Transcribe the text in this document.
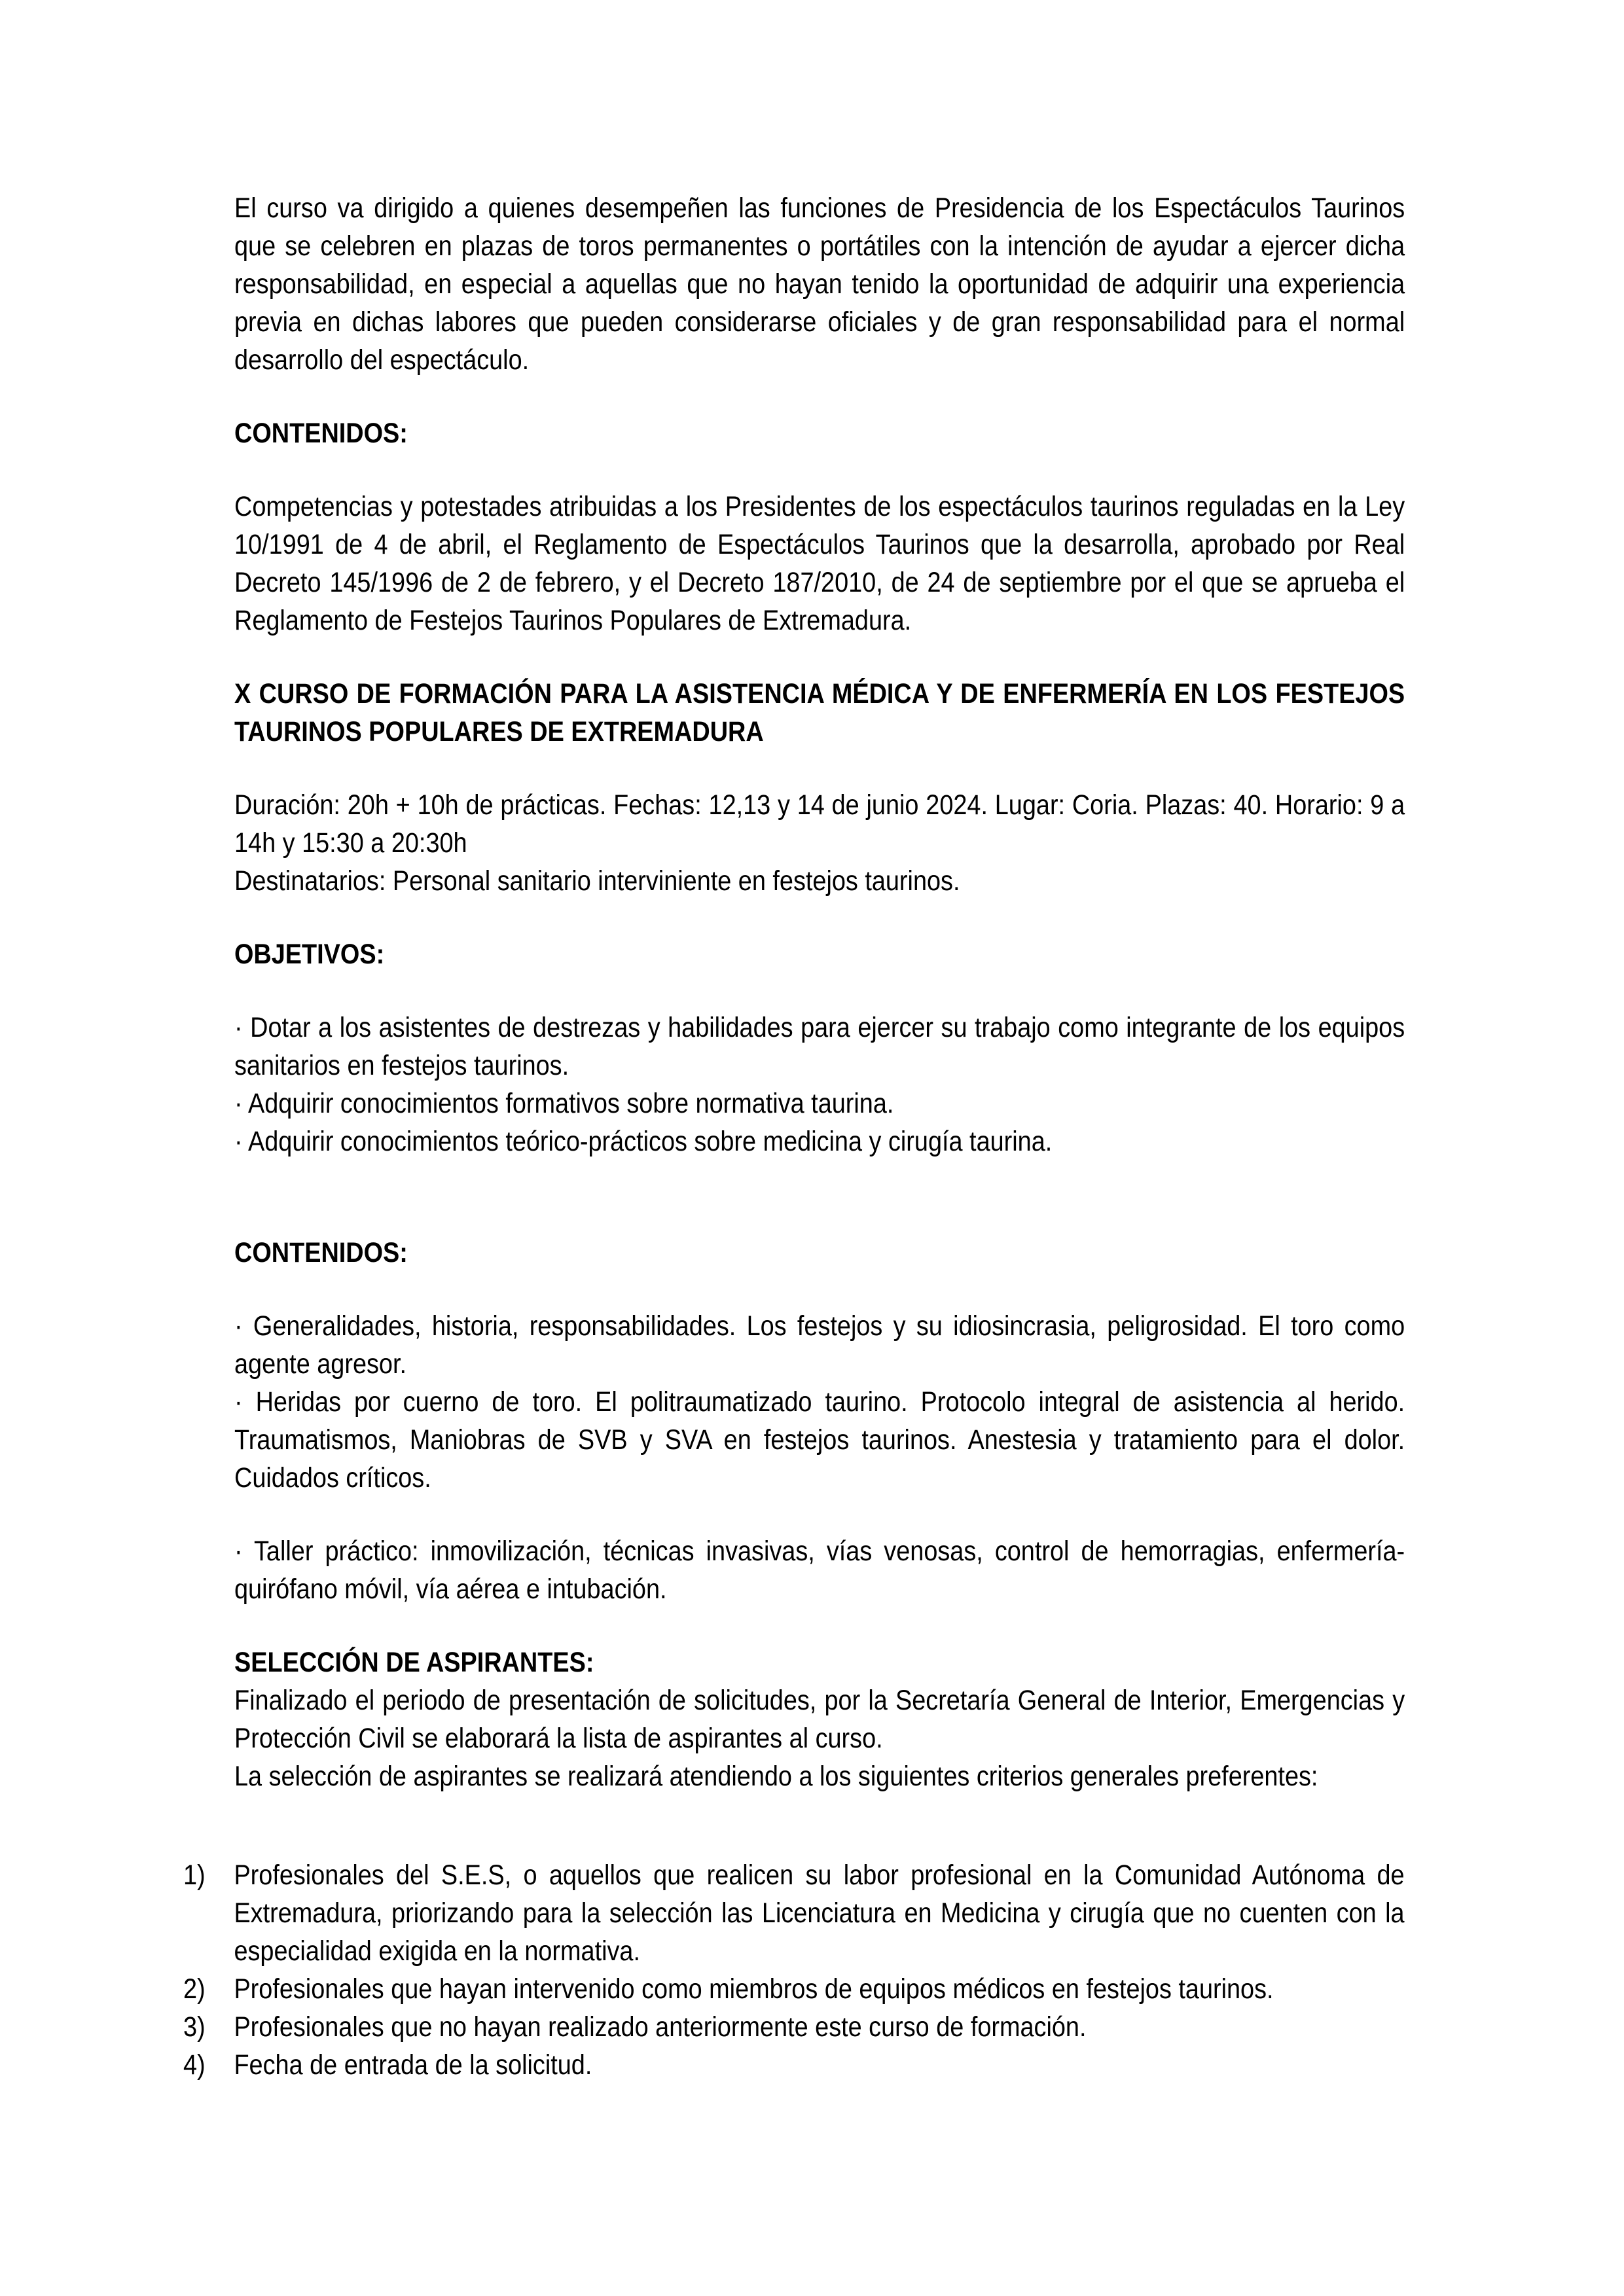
El curso va dirigido a quienes desempeñen las funciones de Presidencia de los Espectáculos Taurinos que se celebren en plazas de toros permanentes o portátiles con la intención de ayudar a ejercer dicha responsabilidad, en especial a aquellas que no hayan tenido la oportunidad de adquirir una experiencia previa en dichas labores que pueden considerarse oficiales y de gran responsabilidad para el normal desarrollo del espectáculo.

CONTENIDOS:

Competencias y potestades atribuidas a los Presidentes de los espectáculos taurinos reguladas en la Ley 10/1991 de 4 de abril, el Reglamento de Espectáculos Taurinos que la desarrolla, aprobado por Real Decreto 145/1996 de 2 de febrero, y el Decreto 187/2010, de 24 de septiembre por el que se aprueba el Reglamento de Festejos Taurinos Populares de Extremadura.

X CURSO DE FORMACIÓN PARA LA ASISTENCIA MÉDICA Y DE ENFERMERÍA EN LOS FESTEJOS TAURINOS POPULARES DE EXTREMADURA

Duración: 20h + 10h de prácticas. Fechas: 12,13 y 14 de junio 2024. Lugar: Coria. Plazas: 40. Horario: 9 a 14h y 15:30 a 20:30h

Destinatarios: Personal sanitario interviniente en festejos taurinos.

OBJETIVOS:

· Dotar a los asistentes de destrezas y habilidades para ejercer su trabajo como integrante de los equipos sanitarios en festejos taurinos.

· Adquirir conocimientos formativos sobre normativa taurina.

· Adquirir conocimientos teórico-prácticos sobre medicina y cirugía taurina.

CONTENIDOS:

· Generalidades, historia, responsabilidades. Los festejos y su idiosincrasia, peligrosidad. El toro como agente agresor.

· Heridas por cuerno de toro. El politraumatizado taurino. Protocolo integral de asistencia al herido. Traumatismos, Maniobras de SVB y SVA en festejos taurinos. Anestesia y tratamiento para el dolor. Cuidados críticos.

· Taller práctico: inmovilización, técnicas invasivas, vías venosas, control de hemorragias, enfermería-quirófano móvil, vía aérea e intubación.

SELECCIÓN DE ASPIRANTES:

Finalizado el periodo de presentación de solicitudes, por la Secretaría General de Interior, Emergencias y Protección Civil se elaborará la lista de aspirantes al curso.

La selección de aspirantes se realizará atendiendo a los siguientes criterios generales preferentes:

1) Profesionales del S.E.S, o aquellos que realicen su labor profesional en la Comunidad Autónoma de Extremadura, priorizando para la selección las Licenciatura en Medicina y cirugía que no cuenten con la especialidad exigida en la normativa.
2) Profesionales que hayan intervenido como miembros de equipos médicos en festejos taurinos.
3) Profesionales que no hayan realizado anteriormente este curso de formación.
4) Fecha de entrada de la solicitud.
